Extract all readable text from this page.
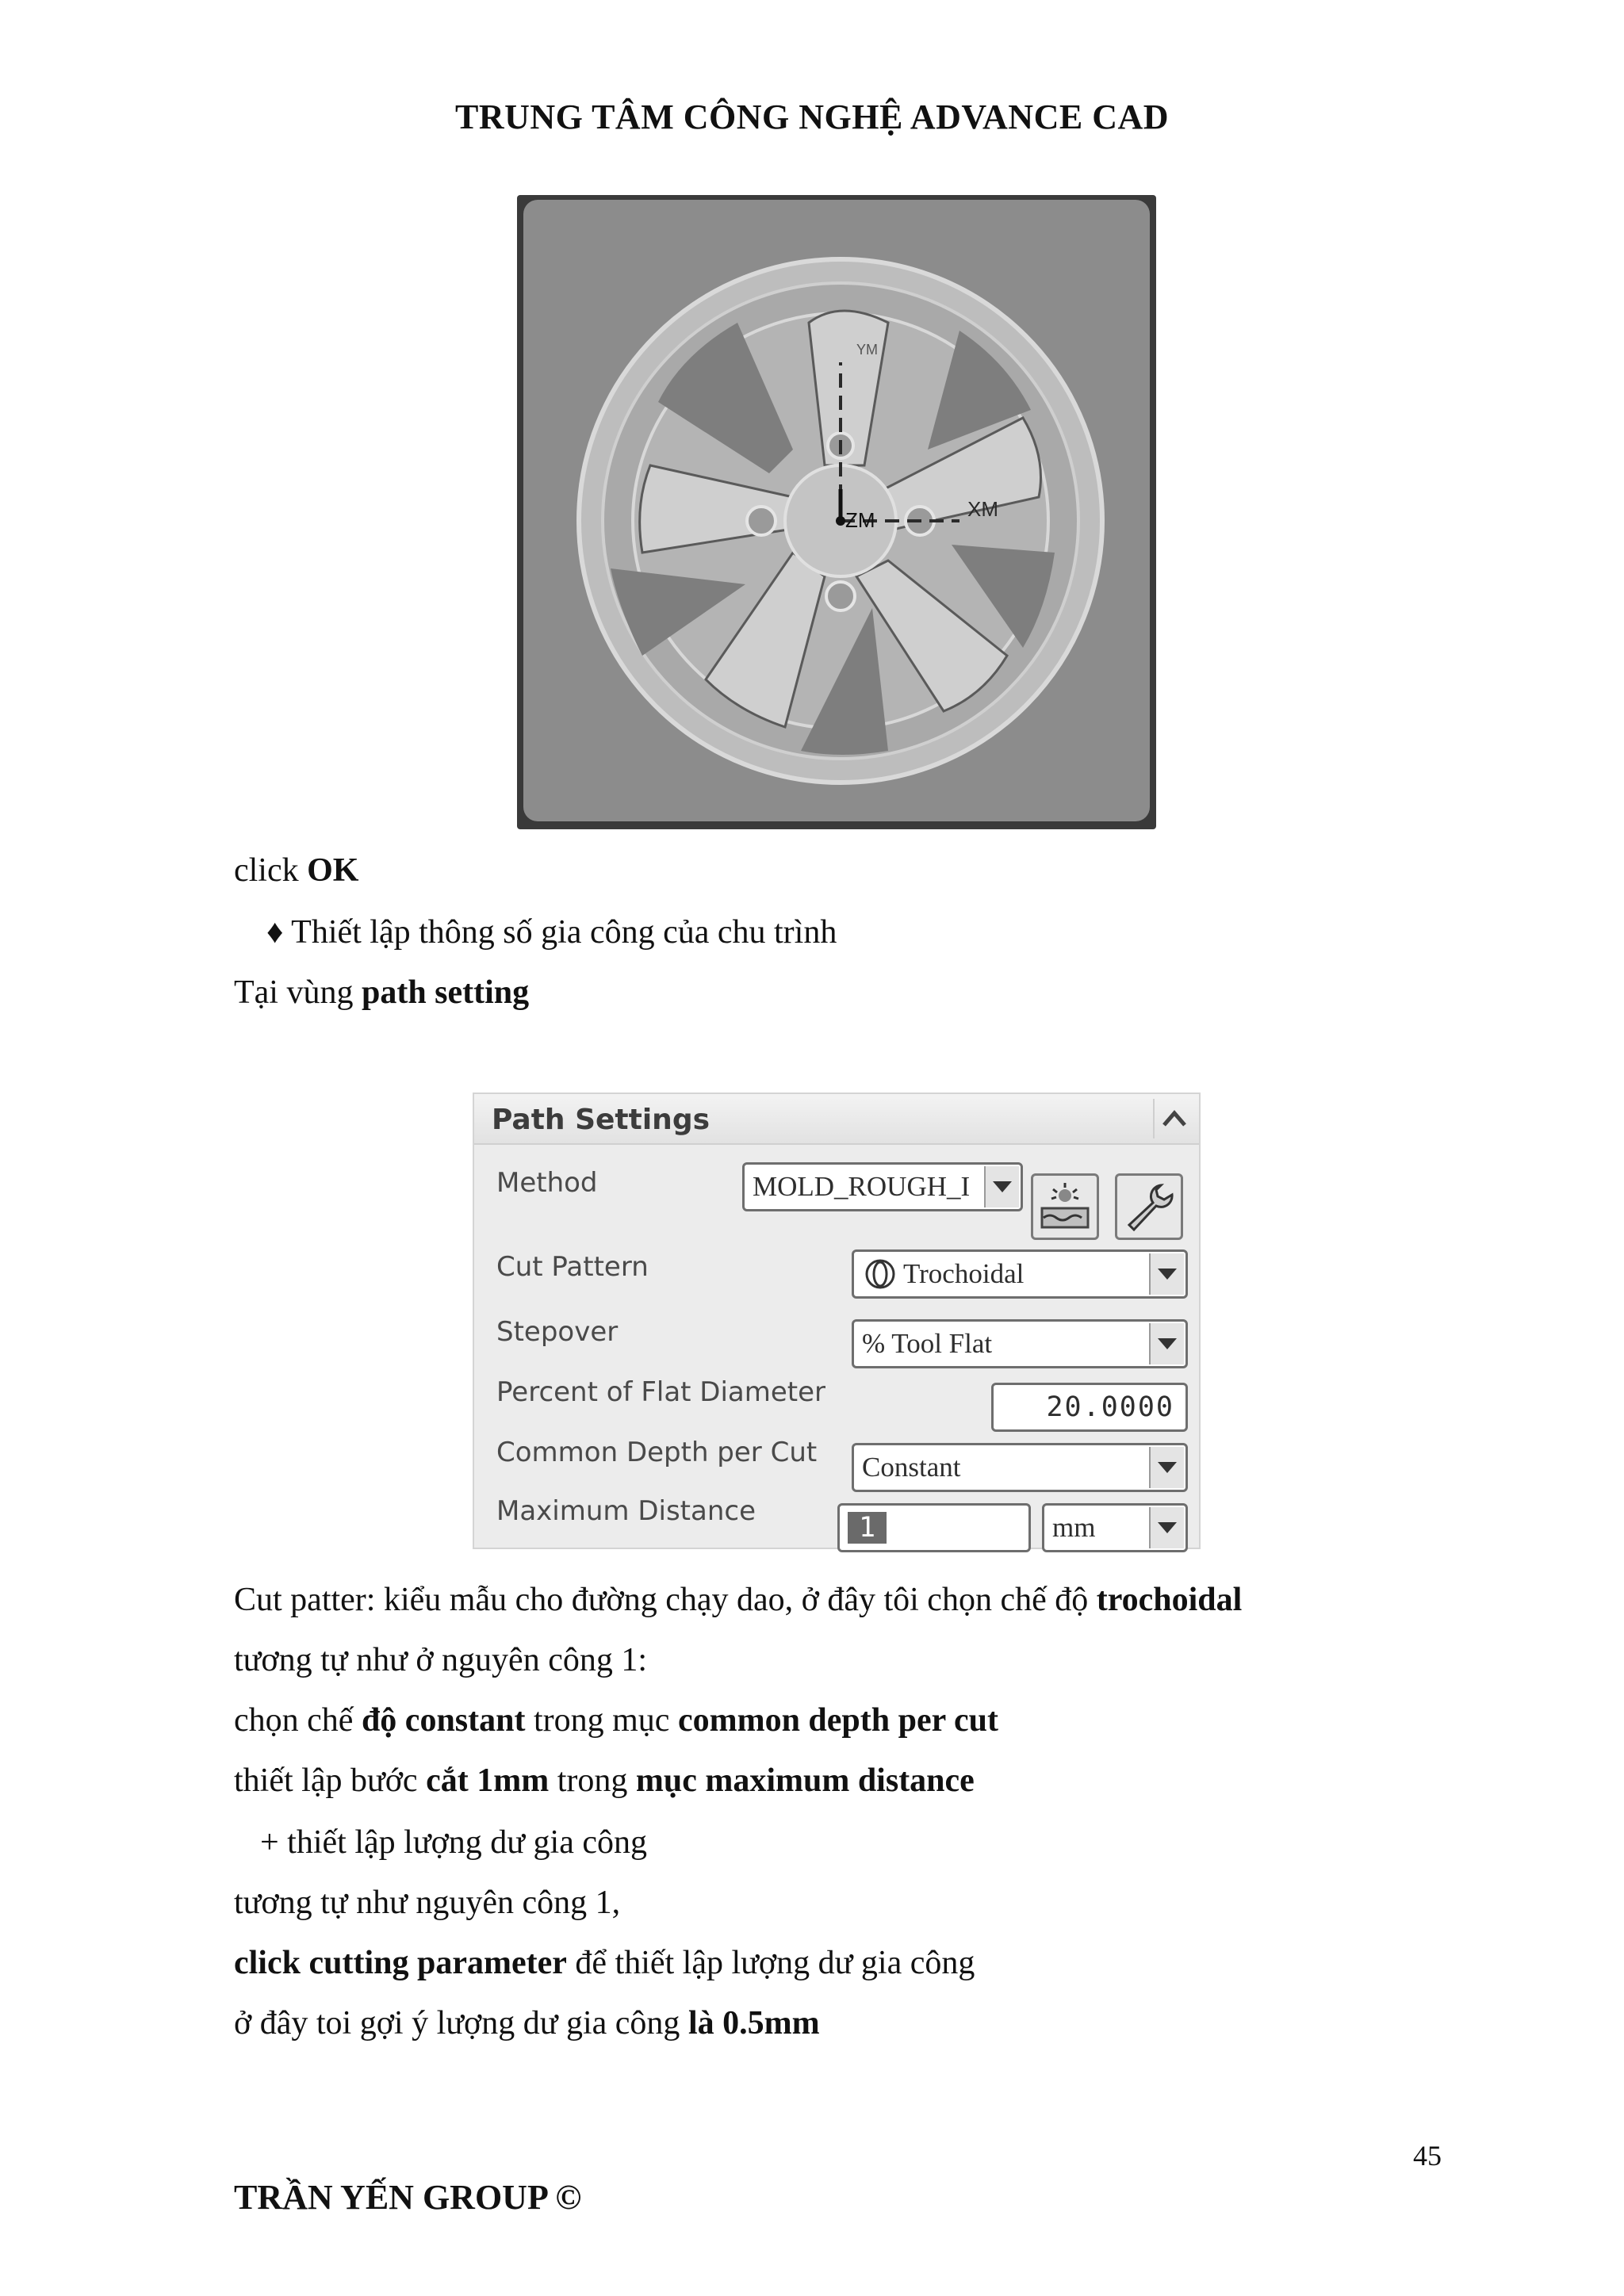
TRUNG TÂM CÔNG NGHỆ ADVANCE CAD
XM
ZM
YM
click OK
♦ Thiết lập thông số gia công của chu trình
Tại vùng path setting
Path Settings
Method
Cut Pattern
Stepover
Percent of Flat Diameter
Common Depth per Cut
Maximum Distance
MOLD_ROUGH_I
Trochoidal
% Tool Flat
20.0000
Constant
1	mm
Cut patter: kiểu mẫu cho đường chạy dao, ở đây tôi chọn chế độ trochoidal
tương tự như ở nguyên công 1:
chọn chế độ constant trong mục common depth per cut
thiết lập bước cắt 1mm trong mục maximum distance
+ thiết lập lượng dư gia công
tương tự như nguyên công 1,
click cutting parameter để thiết lập lượng dư gia công
ở đây toi gợi ý lượng dư gia công là 0.5mm
45
TRẦN YẾN GROUP ©
